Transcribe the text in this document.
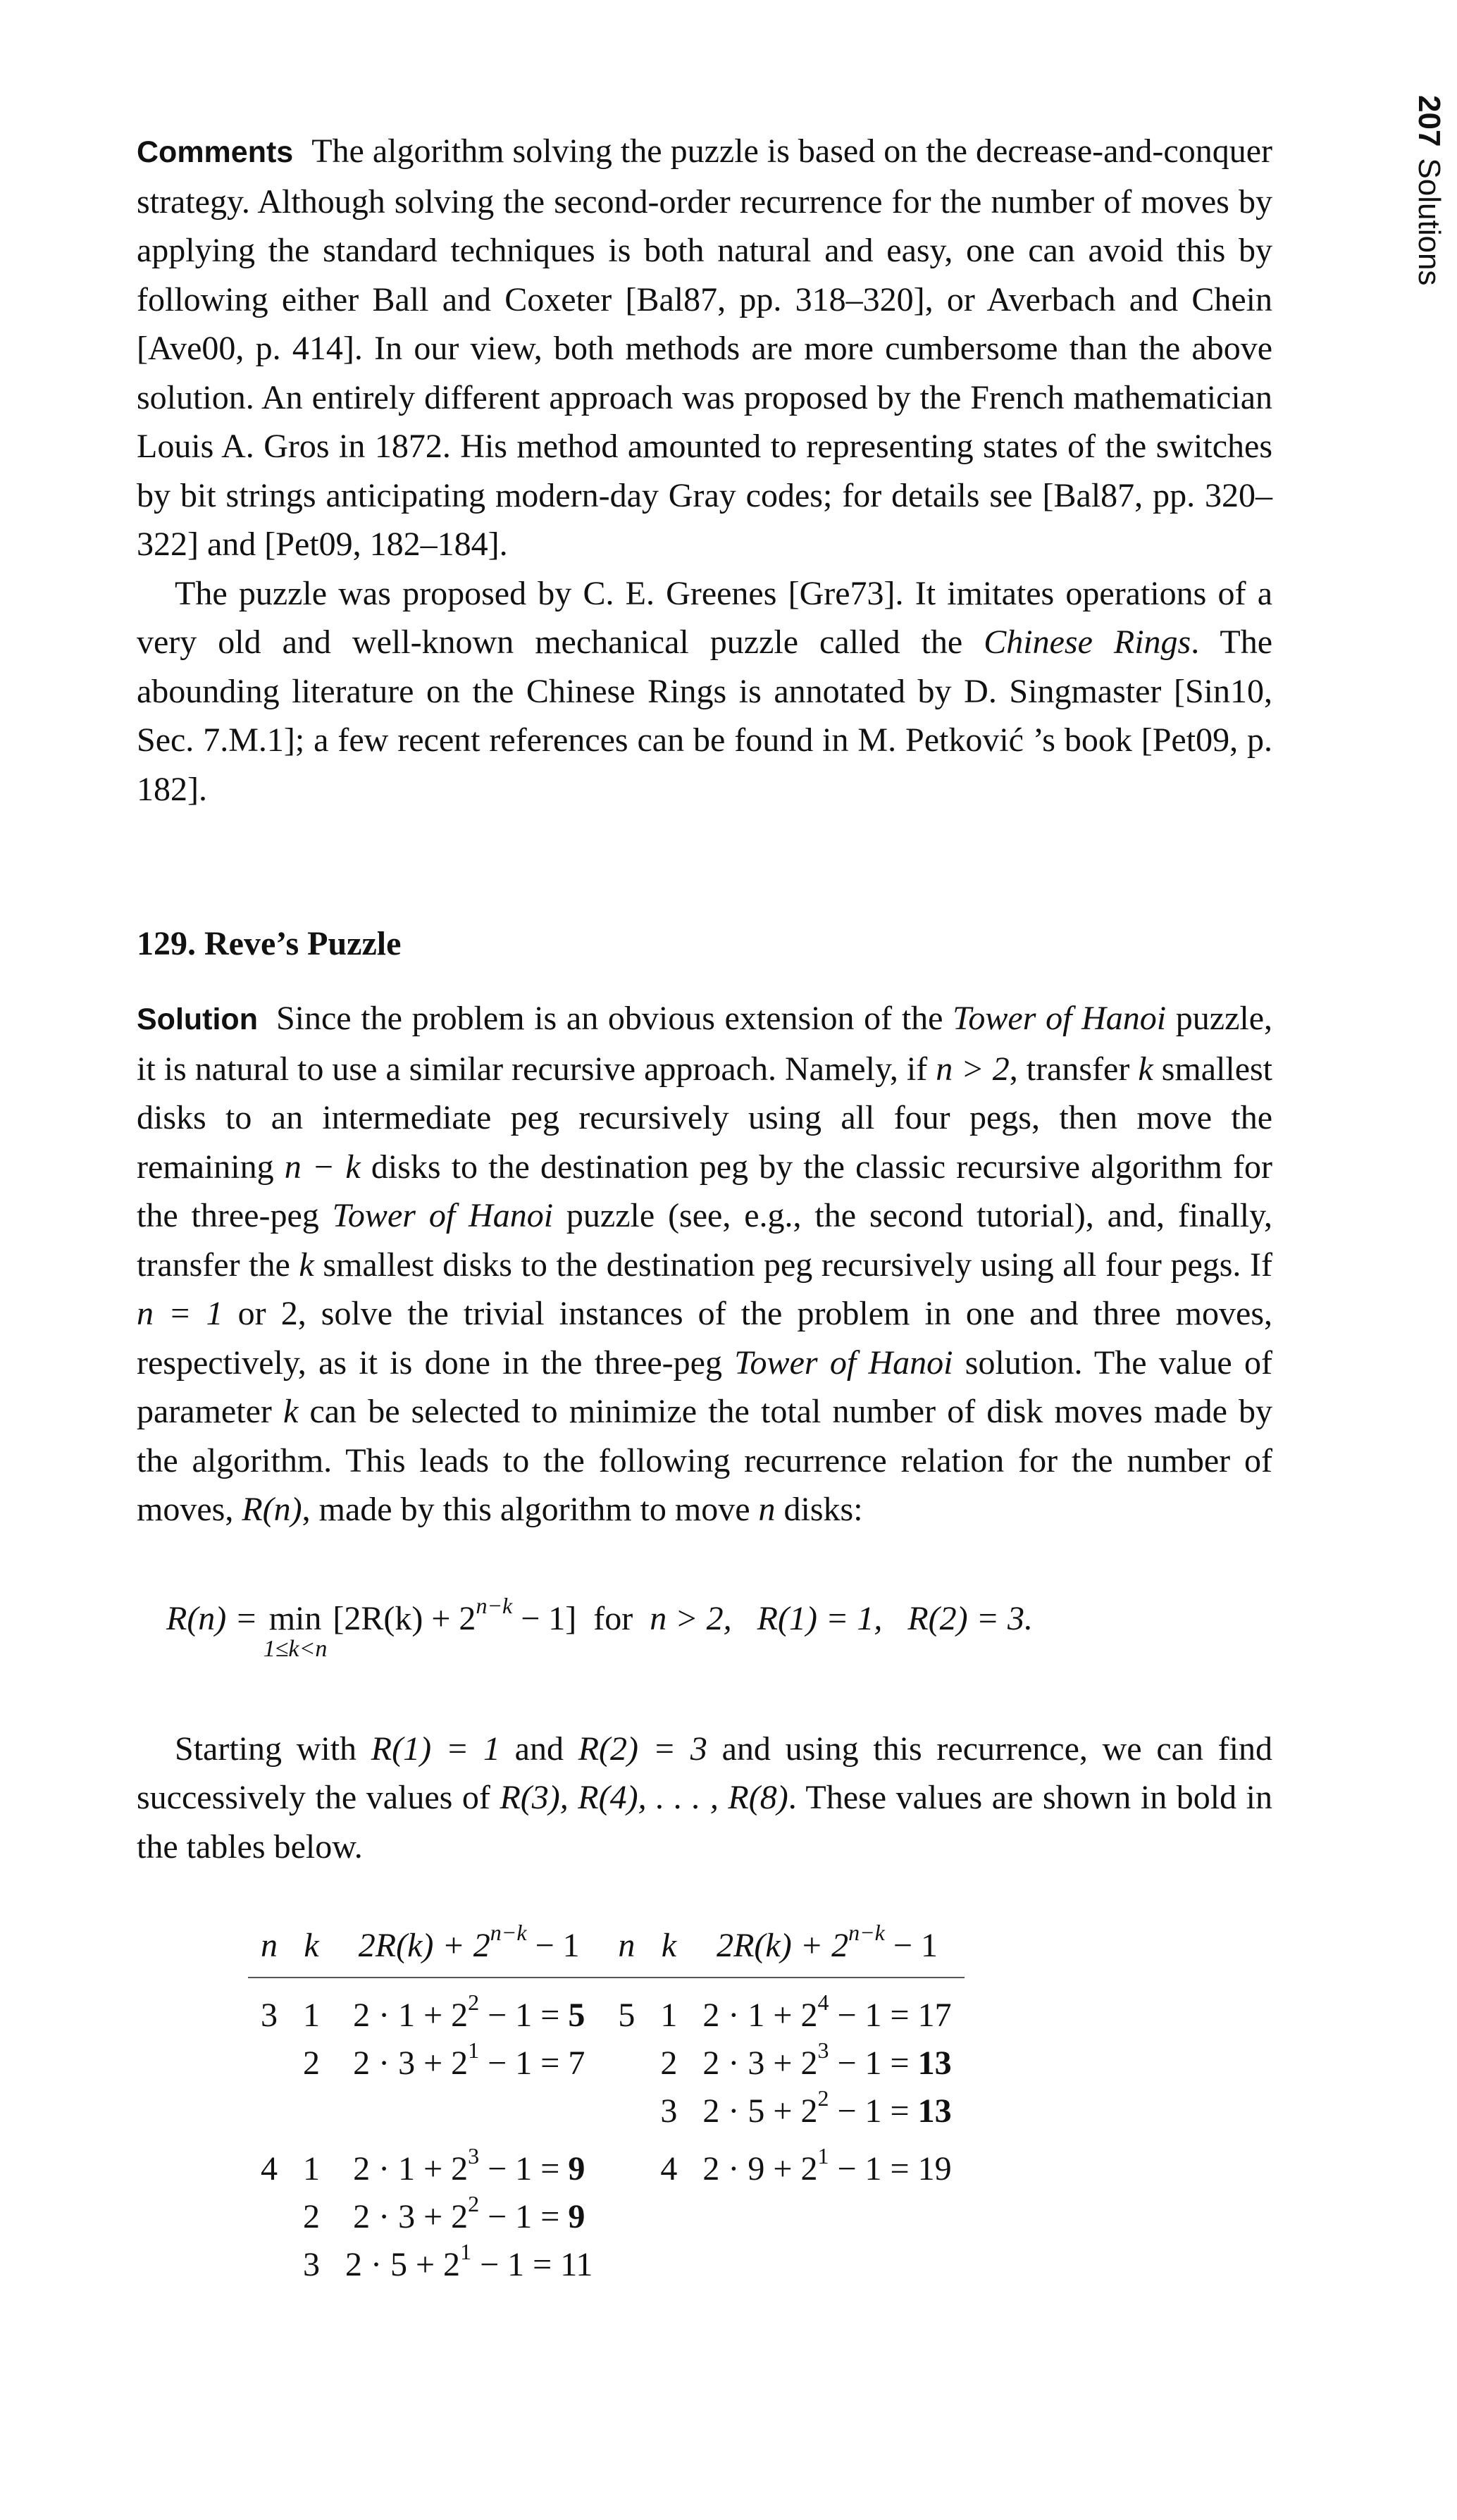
207Solutions

Comments The algorithm solving the puzzle is based on the decrease-and-conquer strategy. Although solving the second-order recurrence for the number of moves by applying the standard techniques is both natural and easy, one can avoid this by following either Ball and Coxeter [Bal87, pp. 318–320], or Averbach and Chein [Ave00, p. 414]. In our view, both methods are more cumbersome than the above solution. An entirely different approach was proposed by the French mathematician Louis A. Gros in 1872. His method amounted to representing states of the switches by bit strings anticipating modern-day Gray codes; for details see [Bal87, pp. 320–322] and [Pet09, 182–184].

The puzzle was proposed by C. E. Greenes [Gre73]. It imitates operations of a very old and well-known mechanical puzzle called the Chinese Rings. The abounding literature on the Chinese Rings is annotated by D. Singmaster [Sin10, Sec. 7.M.1]; a few recent references can be found in M. Petković ’s book [Pet09, p. 182].

129. Reve’s Puzzle

Solution Since the problem is an obvious extension of the Tower of Hanoi puzzle, it is natural to use a similar recursive approach. Namely, if n > 2, transfer k smallest disks to an intermediate peg recursively using all four pegs, then move the remaining n − k disks to the destination peg by the classic recursive algorithm for the three-peg Tower of Hanoi puzzle (see, e.g., the second tutorial), and, finally, transfer the k smallest disks to the destination peg recursively using all four pegs. If n = 1 or 2, solve the trivial instances of the problem in one and three moves, respectively, as it is done in the three-peg Tower of Hanoi solution. The value of parameter k can be selected to minimize the total number of disk moves made by the algorithm. This leads to the following recurrence relation for the number of moves, R(n), made by this algorithm to move n disks:

R(n) = min
1≤k<n
$[2R(k) + 2^{n-k} - 1]$ for n > 2, R(1) = 1, R(2) = 3.

Starting with R(1) = 1 and R(2) = 3 and using this recurrence, we can find successively the values of R(3), R(4), . . . , R(8). These values are shown in bold in the tables below.

n	k	$2R(k) + 2^{n-k} - 1$	n	k	$2R(k) + 2^{n-k} - 1$
3	1	$2 \cdot 1 + 2^2 - 1 = 5$	5	1	$2 \cdot 1 + 2^4 - 1 = 17$
	2	$2 \cdot 3 + 2^1 - 1 = 7$		2	$2 \cdot 3 + 2^3 - 1 = 13$
				3	$2 \cdot 5 + 2^2 - 1 = 13$
4	1	$2 \cdot 1 + 2^3 - 1 = 9$		4	$2 \cdot 9 + 2^1 - 1 = 19$
	2	$2 \cdot 3 + 2^2 - 1 = 9$			
	3	$2 \cdot 5 + 2^1 - 1 = 11$			
